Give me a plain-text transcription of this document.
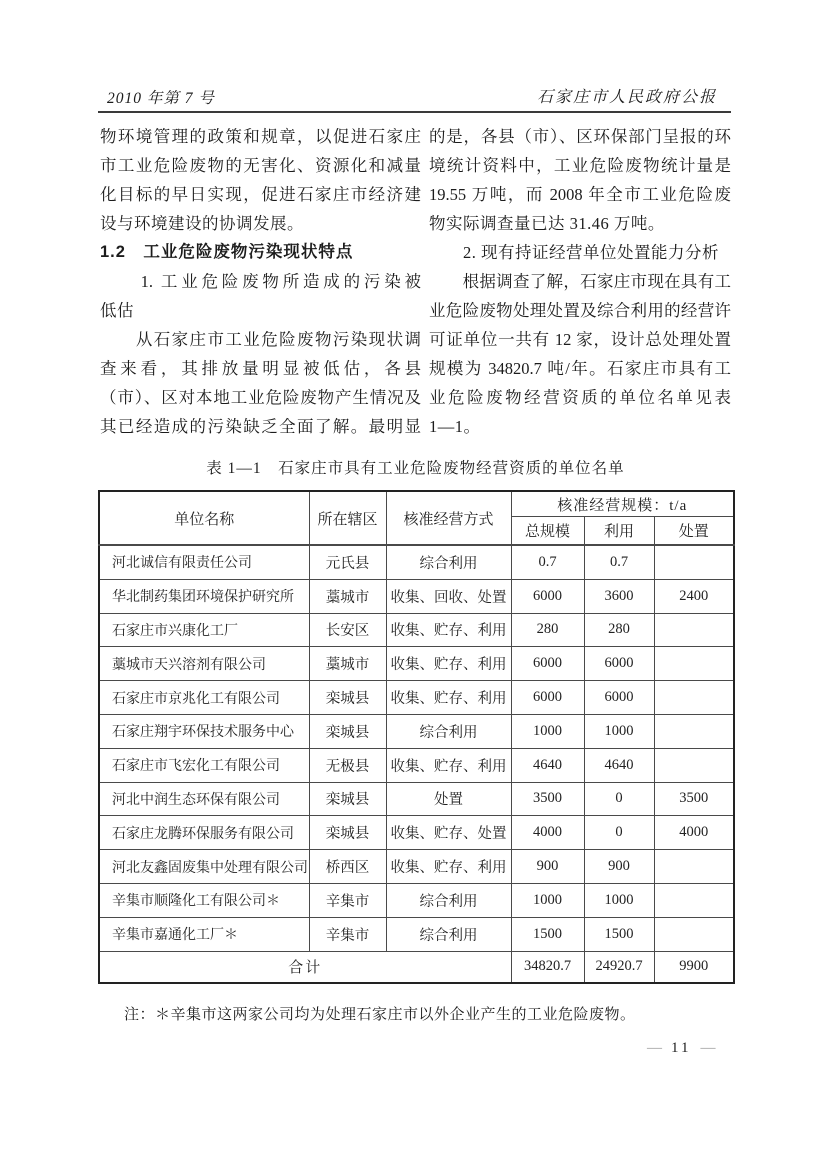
2010 年第 7 号	石家庄市人民政府公报
物环境管理的政策和规章，以促进石家庄
市工业危险废物的无害化、资源化和减量
化目标的早日实现，促进石家庄市经济建
设与环境建设的协调发展。
1.2　工业危险废物污染现状特点
　　1. 工业危险废物所造成的污染被
低估
　　从石家庄市工业危险废物污染现状调
查来看，其排放量明显被低估，各县
（市）、区对本地工业危险废物产生情况及
其已经造成的污染缺乏全面了解。最明显
的是，各县（市）、区环保部门呈报的环
境统计资料中，工业危险废物统计量是
19.55 万吨，而 2008 年全市工业危险废
物实际调查量已达 31.46 万吨。
　　2. 现有持证经营单位处置能力分析
　　根据调查了解，石家庄市现在具有工
业危险废物处理处置及综合利用的经营许
可证单位一共有 12 家，设计总处理处置
规模为 34820.7 吨/年。石家庄市具有工
业危险废物经营资质的单位名单见表
1—1。
表 1—1　石家庄市具有工业危险废物经营资质的单位名单
单位名称	所在辖区	核准经营方式	核准经营规模：t/a		
			总规模	利用	处置
河北诚信有限责任公司	元氏县	综合利用	0.7	0.7	
华北制药集团环境保护研究所	藁城市	收集、回收、处置	6000	3600	2400
石家庄市兴康化工厂	长安区	收集、贮存、利用	280	280	
藁城市天兴溶剂有限公司	藁城市	收集、贮存、利用	6000	6000	
石家庄市京兆化工有限公司	栾城县	收集、贮存、利用	6000	6000	
石家庄翔宇环保技术服务中心	栾城县	综合利用	1000	1000	
石家庄市飞宏化工有限公司	无极县	收集、贮存、利用	4640	4640	
河北中润生态环保有限公司	栾城县	处置	3500	0	3500
石家庄龙腾环保服务有限公司	栾城县	收集、贮存、处置	4000	0	4000
河北友鑫固废集中处理有限公司	桥西区	收集、贮存、利用	900	900	
辛集市顺隆化工有限公司＊	辛集市	综合利用	1000	1000	
辛集市嘉通化工厂＊	辛集市	综合利用	1500	1500	
合计			34820.7	24920.7	9900
注：＊辛集市这两家公司均为处理石家庄市以外企业产生的工业危险废物。
— 11 —
